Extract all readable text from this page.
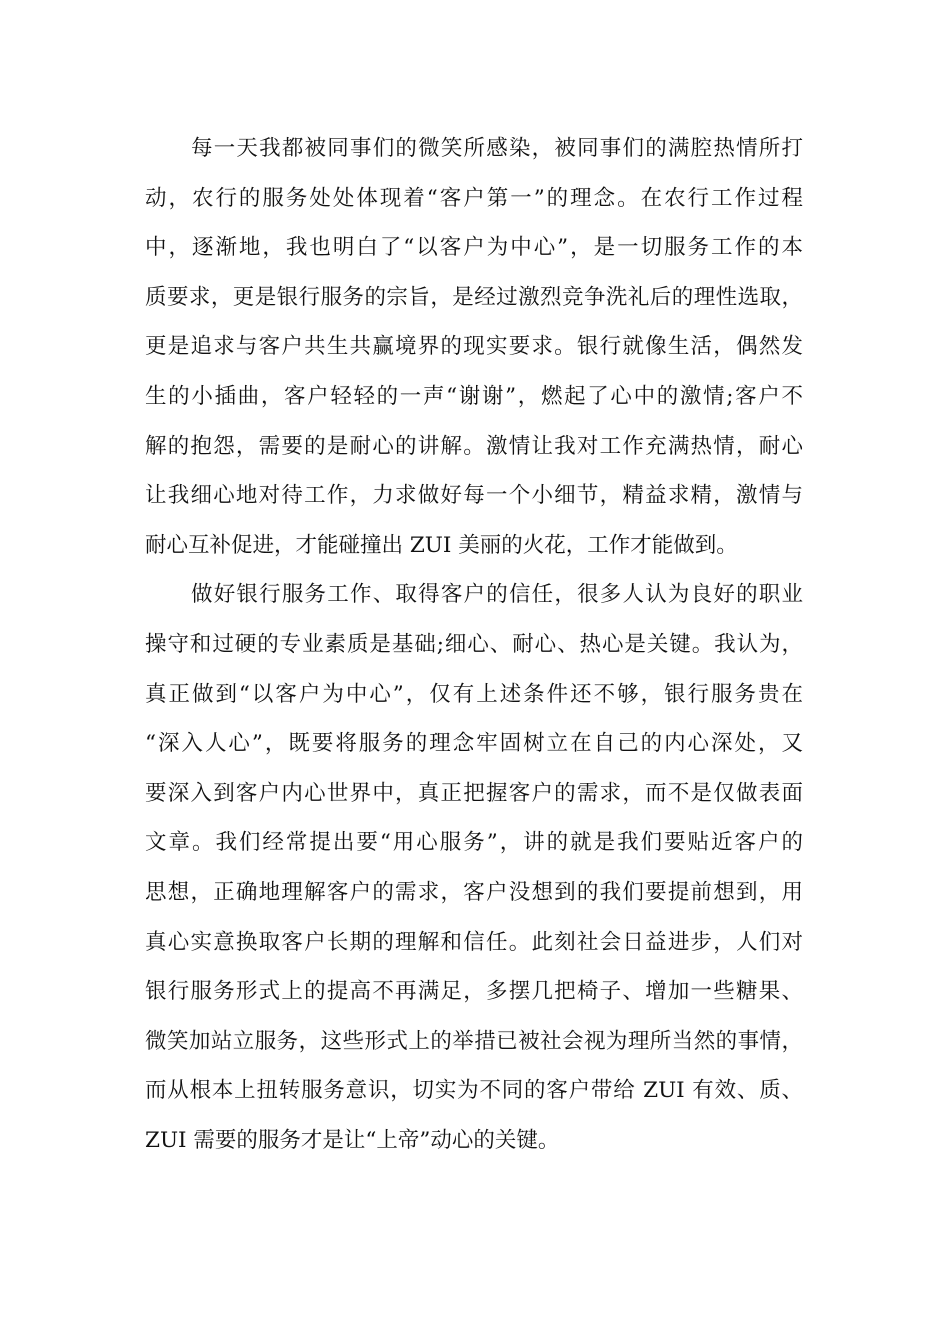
每一天我都被同事们的微笑所感染，被同事们的满腔热情所打
动，农行的服务处处体现着“客户第一”的理念。在农行工作过程
中，逐渐地，我也明白了“以客户为中心”，是一切服务工作的本
质要求，更是银行服务的宗旨，是经过激烈竞争洗礼后的理性选取，
更是追求与客户共生共赢境界的现实要求。银行就像生活，偶然发
生的小插曲，客户轻轻的一声“谢谢”，燃起了心中的激情;客户不
解的抱怨，需要的是耐心的讲解。激情让我对工作充满热情，耐心
让我细心地对待工作，力求做好每一个小细节，精益求精，激情与
耐心互补促进，才能碰撞出 ZUI 美丽的火花，工作才能做到。
做好银行服务工作、取得客户的信任，很多人认为良好的职业
操守和过硬的专业素质是基础;细心、耐心、热心是关键。我认为，
真正做到“以客户为中心”，仅有上述条件还不够，银行服务贵在
“深入人心”，既要将服务的理念牢固树立在自己的内心深处，又
要深入到客户内心世界中，真正把握客户的需求，而不是仅做表面
文章。我们经常提出要“用心服务”，讲的就是我们要贴近客户的
思想，正确地理解客户的需求，客户没想到的我们要提前想到，用
真心实意换取客户长期的理解和信任。此刻社会日益进步，人们对
银行服务形式上的提高不再满足，多摆几把椅子、增加一些糖果、
微笑加站立服务，这些形式上的举措已被社会视为理所当然的事情，
而从根本上扭转服务意识，切实为不同的客户带给 ZUI 有效、质、
ZUI 需要的服务才是让“上帝”动心的关键。
